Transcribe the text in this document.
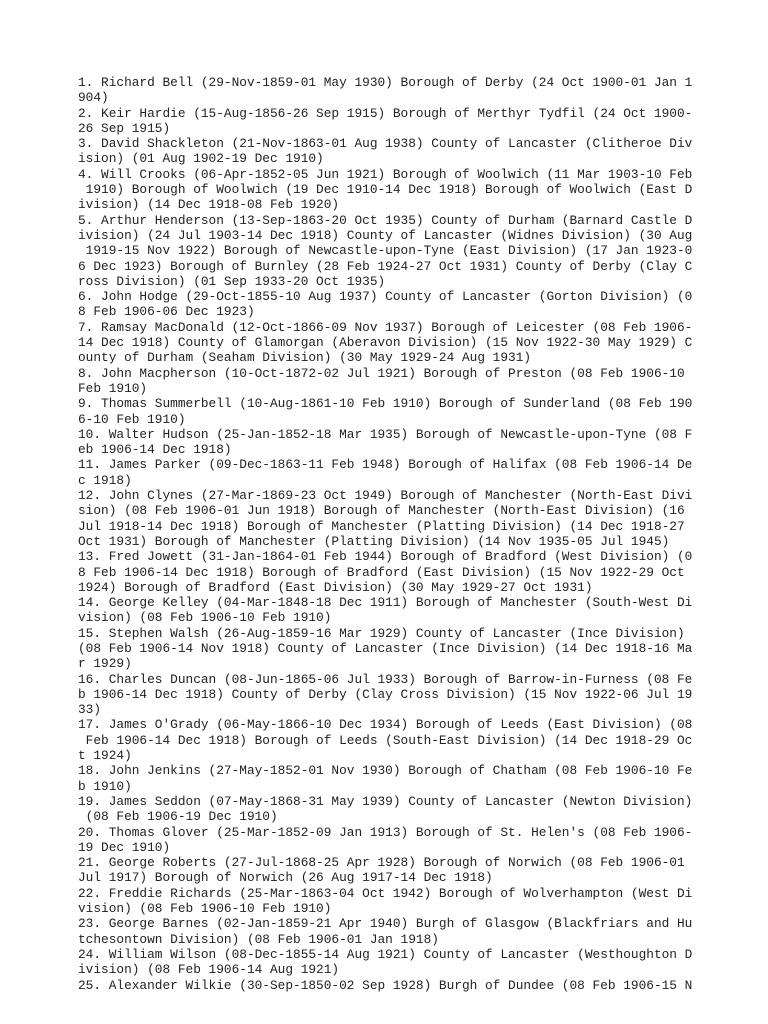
1. Richard Bell (29-Nov-1859-01 May 1930) Borough of Derby (24 Oct 1900-01 Jan 1
904)
2. Keir Hardie (15-Aug-1856-26 Sep 1915) Borough of Merthyr Tydfil (24 Oct 1900-
26 Sep 1915)
3. David Shackleton (21-Nov-1863-01 Aug 1938) County of Lancaster (Clitheroe Div
ision) (01 Aug 1902-19 Dec 1910)
4. Will Crooks (06-Apr-1852-05 Jun 1921) Borough of Woolwich (11 Mar 1903-10 Feb
1910) Borough of Woolwich (19 Dec 1910-14 Dec 1918) Borough of Woolwich (East D
ivision) (14 Dec 1918-08 Feb 1920)
5. Arthur Henderson (13-Sep-1863-20 Oct 1935) County of Durham (Barnard Castle D
ivision) (24 Jul 1903-14 Dec 1918) County of Lancaster (Widnes Division) (30 Aug
1919-15 Nov 1922) Borough of Newcastle-upon-Tyne (East Division) (17 Jan 1923-0
6 Dec 1923) Borough of Burnley (28 Feb 1924-27 Oct 1931) County of Derby (Clay C
ross Division) (01 Sep 1933-20 Oct 1935)
6. John Hodge (29-Oct-1855-10 Aug 1937) County of Lancaster (Gorton Division) (0
8 Feb 1906-06 Dec 1923)
7. Ramsay MacDonald (12-Oct-1866-09 Nov 1937) Borough of Leicester (08 Feb 1906-
14 Dec 1918) County of Glamorgan (Aberavon Division) (15 Nov 1922-30 May 1929) C
ounty of Durham (Seaham Division) (30 May 1929-24 Aug 1931)
8. John Macpherson (10-Oct-1872-02 Jul 1921) Borough of Preston (08 Feb 1906-10
Feb 1910)
9. Thomas Summerbell (10-Aug-1861-10 Feb 1910) Borough of Sunderland (08 Feb 190
6-10 Feb 1910)
10. Walter Hudson (25-Jan-1852-18 Mar 1935) Borough of Newcastle-upon-Tyne (08 F
eb 1906-14 Dec 1918)
11. James Parker (09-Dec-1863-11 Feb 1948) Borough of Halifax (08 Feb 1906-14 De
c 1918)
12. John Clynes (27-Mar-1869-23 Oct 1949) Borough of Manchester (North-East Divi
sion) (08 Feb 1906-01 Jun 1918) Borough of Manchester (North-East Division) (16
Jul 1918-14 Dec 1918) Borough of Manchester (Platting Division) (14 Dec 1918-27
Oct 1931) Borough of Manchester (Platting Division) (14 Nov 1935-05 Jul 1945)
13. Fred Jowett (31-Jan-1864-01 Feb 1944) Borough of Bradford (West Division) (0
8 Feb 1906-14 Dec 1918) Borough of Bradford (East Division) (15 Nov 1922-29 Oct
1924) Borough of Bradford (East Division) (30 May 1929-27 Oct 1931)
14. George Kelley (04-Mar-1848-18 Dec 1911) Borough of Manchester (South-West Di
vision) (08 Feb 1906-10 Feb 1910)
15. Stephen Walsh (26-Aug-1859-16 Mar 1929) County of Lancaster (Ince Division)
(08 Feb 1906-14 Nov 1918) County of Lancaster (Ince Division) (14 Dec 1918-16 Ma
r 1929)
16. Charles Duncan (08-Jun-1865-06 Jul 1933) Borough of Barrow-in-Furness (08 Fe
b 1906-14 Dec 1918) County of Derby (Clay Cross Division) (15 Nov 1922-06 Jul 19
33)
17. James O'Grady (06-May-1866-10 Dec 1934) Borough of Leeds (East Division) (08
Feb 1906-14 Dec 1918) Borough of Leeds (South-East Division) (14 Dec 1918-29 Oc
t 1924)
18. John Jenkins (27-May-1852-01 Nov 1930) Borough of Chatham (08 Feb 1906-10 Fe
b 1910)
19. James Seddon (07-May-1868-31 May 1939) County of Lancaster (Newton Division)
(08 Feb 1906-19 Dec 1910)
20. Thomas Glover (25-Mar-1852-09 Jan 1913) Borough of St. Helen's (08 Feb 1906-
19 Dec 1910)
21. George Roberts (27-Jul-1868-25 Apr 1928) Borough of Norwich (08 Feb 1906-01
Jul 1917) Borough of Norwich (26 Aug 1917-14 Dec 1918)
22. Freddie Richards (25-Mar-1863-04 Oct 1942) Borough of Wolverhampton (West Di
vision) (08 Feb 1906-10 Feb 1910)
23. George Barnes (02-Jan-1859-21 Apr 1940) Burgh of Glasgow (Blackfriars and Hu
tchesontown Division) (08 Feb 1906-01 Jan 1918)
24. William Wilson (08-Dec-1855-14 Aug 1921) County of Lancaster (Westhoughton D
ivision) (08 Feb 1906-14 Aug 1921)
25. Alexander Wilkie (30-Sep-1850-02 Sep 1928) Burgh of Dundee (08 Feb 1906-15 N
